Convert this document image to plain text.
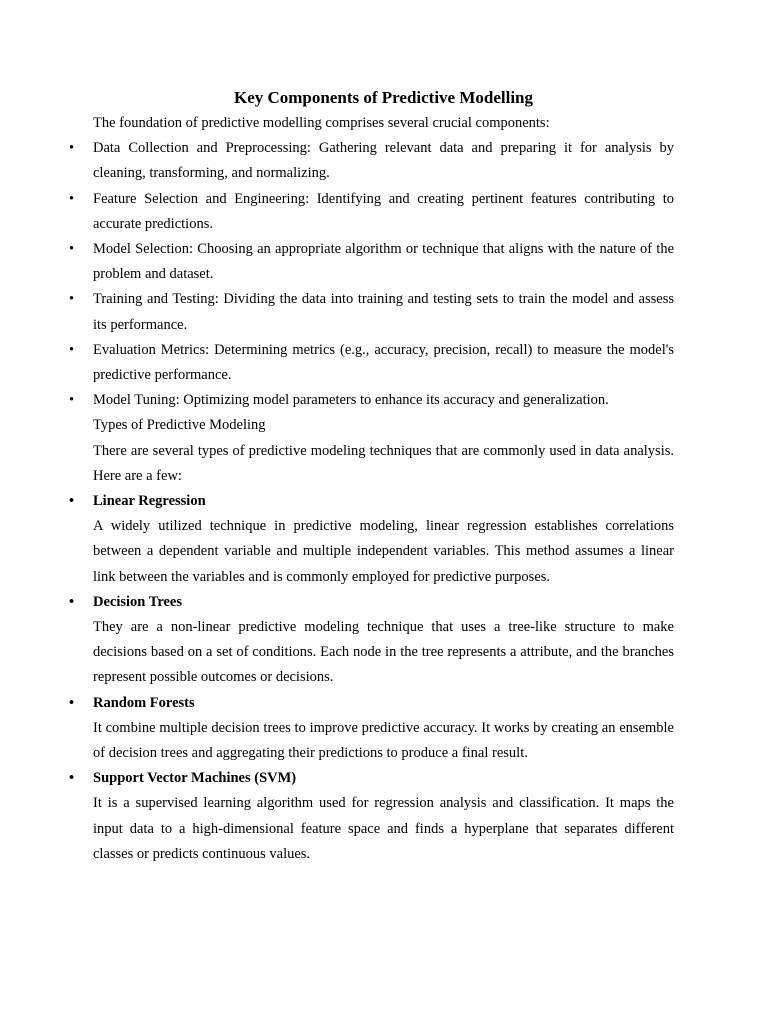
Key Components of Predictive Modelling

The foundation of predictive modelling comprises several crucial components:

• Data Collection and Preprocessing: Gathering relevant data and preparing it for analysis by cleaning, transforming, and normalizing.

• Feature Selection and Engineering: Identifying and creating pertinent features contributing to accurate predictions.

• Model Selection: Choosing an appropriate algorithm or technique that aligns with the nature of the problem and dataset.

• Training and Testing: Dividing the data into training and testing sets to train the model and assess its performance.

• Evaluation Metrics: Determining metrics (e.g., accuracy, precision, recall) to measure the model's predictive performance.

• Model Tuning: Optimizing model parameters to enhance its accuracy and generalization.

Types of Predictive Modeling

There are several types of predictive modeling techniques that are commonly used in data analysis. Here are a few:

• Linear Regression

A widely utilized technique in predictive modeling, linear regression establishes correlations between a dependent variable and multiple independent variables. This method assumes a linear link between the variables and is commonly employed for predictive purposes.

• Decision Trees

They are a non-linear predictive modeling technique that uses a tree-like structure to make decisions based on a set of conditions. Each node in the tree represents a attribute, and the branches represent possible outcomes or decisions.

• Random Forests

It combine multiple decision trees to improve predictive accuracy. It works by creating an ensemble of decision trees and aggregating their predictions to produce a final result.

• Support Vector Machines (SVM)

It is a supervised learning algorithm used for regression analysis and classification. It maps the input data to a high-dimensional feature space and finds a hyperplane that separates different classes or predicts continuous values.
